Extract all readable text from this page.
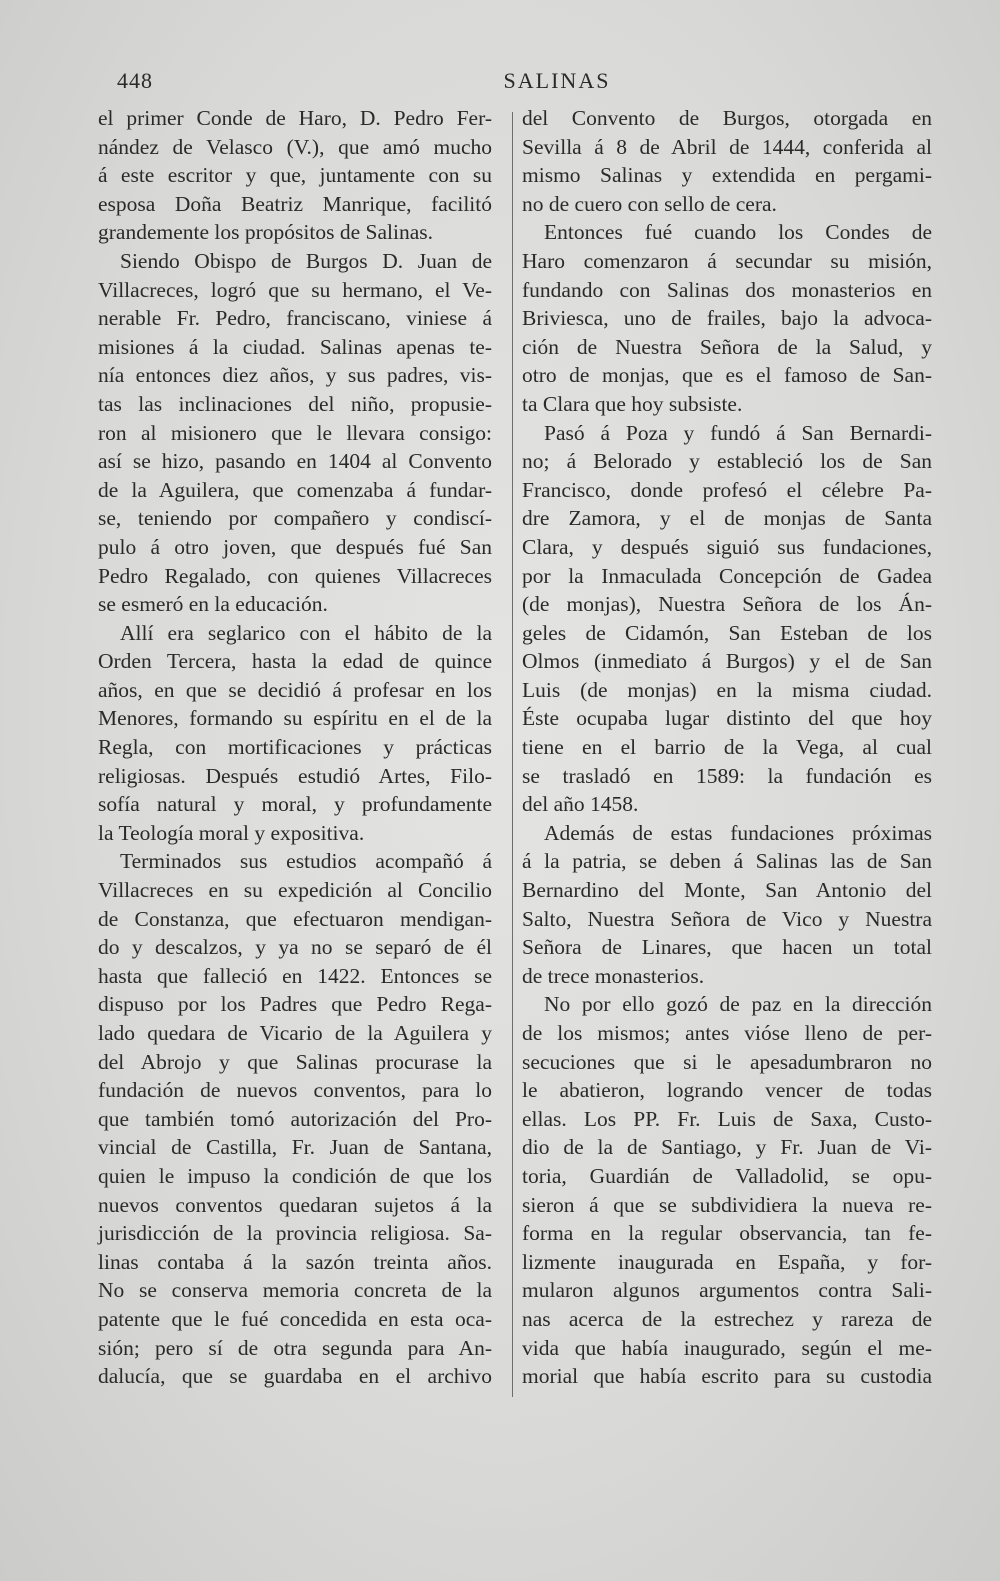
448	SALINAS
el primer Conde de Haro, D. Pedro Fer-
nández de Velasco (V.), que amó mucho
á este escritor y que, juntamente con su
esposa Doña Beatriz Manrique, facilitó
grandemente los propósitos de Salinas.
Siendo Obispo de Burgos D. Juan de
Villacreces, logró que su hermano, el Ve-
nerable Fr. Pedro, franciscano, viniese á
misiones á la ciudad. Salinas apenas te-
nía entonces diez años, y sus padres, vis-
tas las inclinaciones del niño, propusie-
ron al misionero que le llevara consigo:
así se hizo, pasando en 1404 al Convento
de la Aguilera, que comenzaba á fundar-
se, teniendo por compañero y condiscí-
pulo á otro joven, que después fué San
Pedro Regalado, con quienes Villacreces
se esmeró en la educación.
Allí era seglarico con el hábito de la
Orden Tercera, hasta la edad de quince
años, en que se decidió á profesar en los
Menores, formando su espíritu en el de la
Regla, con mortificaciones y prácticas
religiosas. Después estudió Artes, Filo-
sofía natural y moral, y profundamente
la Teología moral y expositiva.
Terminados sus estudios acompañó á
Villacreces en su expedición al Concilio
de Constanza, que efectuaron mendigan-
do y descalzos, y ya no se separó de él
hasta que falleció en 1422. Entonces se
dispuso por los Padres que Pedro Rega-
lado quedara de Vicario de la Aguilera y
del Abrojo y que Salinas procurase la
fundación de nuevos conventos, para lo
que también tomó autorización del Pro-
vincial de Castilla, Fr. Juan de Santana,
quien le impuso la condición de que los
nuevos conventos quedaran sujetos á la
jurisdicción de la provincia religiosa. Sa-
linas contaba á la sazón treinta años.
No se conserva memoria concreta de la
patente que le fué concedida en esta oca-
sión; pero sí de otra segunda para An-
dalucía, que se guardaba en el archivo
del Convento de Burgos, otorgada en
Sevilla á 8 de Abril de 1444, conferida al
mismo Salinas y extendida en pergami-
no de cuero con sello de cera.
Entonces fué cuando los Condes de
Haro comenzaron á secundar su misión,
fundando con Salinas dos monasterios en
Briviesca, uno de frailes, bajo la advoca-
ción de Nuestra Señora de la Salud, y
otro de monjas, que es el famoso de San-
ta Clara que hoy subsiste.
Pasó á Poza y fundó á San Bernardi-
no; á Belorado y estableció los de San
Francisco, donde profesó el célebre Pa-
dre Zamora, y el de monjas de Santa
Clara, y después siguió sus fundaciones,
por la Inmaculada Concepción de Gadea
(de monjas), Nuestra Señora de los Án-
geles de Cidamón, San Esteban de los
Olmos (inmediato á Burgos) y el de San
Luis (de monjas) en la misma ciudad.
Éste ocupaba lugar distinto del que hoy
tiene en el barrio de la Vega, al cual
se trasladó en 1589: la fundación es
del año 1458.
Además de estas fundaciones próximas
á la patria, se deben á Salinas las de San
Bernardino del Monte, San Antonio del
Salto, Nuestra Señora de Vico y Nuestra
Señora de Linares, que hacen un total
de trece monasterios.
No por ello gozó de paz en la dirección
de los mismos; antes vióse lleno de per-
secuciones que si le apesadumbraron no
le abatieron, logrando vencer de todas
ellas. Los PP. Fr. Luis de Saxa, Custo-
dio de la de Santiago, y Fr. Juan de Vi-
toria, Guardián de Valladolid, se opu-
sieron á que se subdividiera la nueva re-
forma en la regular observancia, tan fe-
lizmente inaugurada en España, y for-
mularon algunos argumentos contra Sali-
nas acerca de la estrechez y rareza de
vida que había inaugurado, según el me-
morial que había escrito para su custodia
